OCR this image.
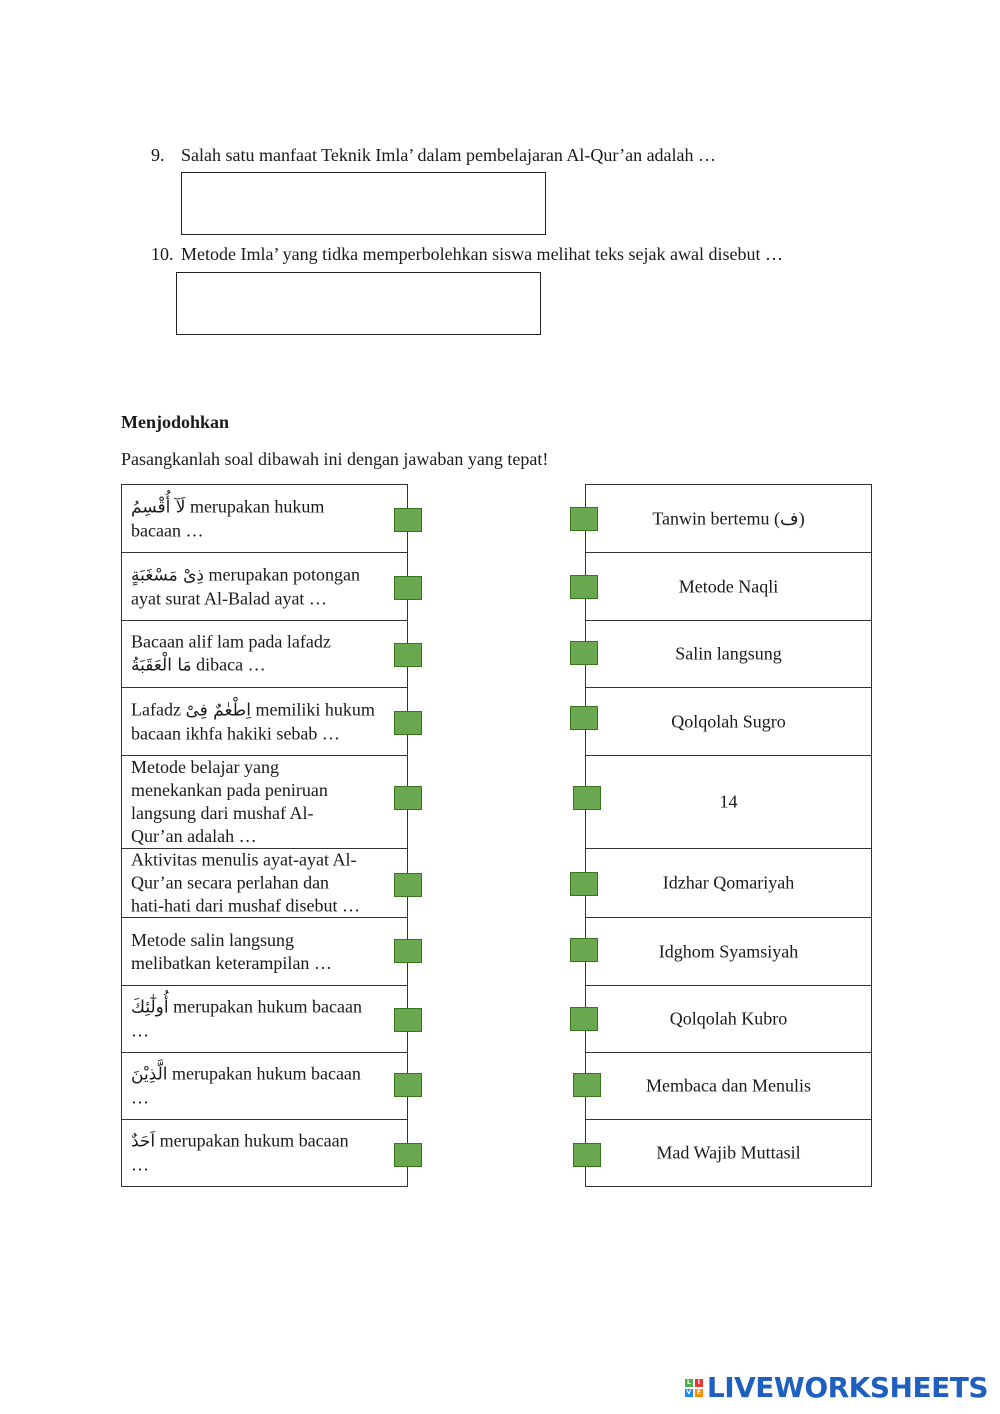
9. Salah satu manfaat Teknik Imla’ dalam pembelajaran Al-Qur’an adalah …
10. Metode Imla’ yang tidka memperbolehkan siswa melihat teks sejak awal disebut …
Menjodohkan
Pasangkanlah soal dibawah ini dengan jawaban yang tepat!
لَآ أُقْسِمُ merupakan hukum
bacaan …
ذِىْ مَسْغَبَةٍ merupakan potongan
ayat surat Al-Balad ayat …
Bacaan alif lam pada lafadz
مَا الْعَقَبَةُ dibaca …
Lafadz اِطْعٰمٌ فِىْ memiliki hukum
bacaan ikhfa hakiki sebab …
Metode belajar yang
menekankan pada peniruan
langsung dari mushaf Al-
Qur’an adalah …
Aktivitas menulis ayat-ayat Al-
Qur’an secara perlahan dan
hati-hati dari mushaf disebut …
Metode salin langsung
melibatkan keterampilan …
أُولٰٓئِكَ merupakan hukum bacaan
…
الَّذِيْنَ merupakan hukum bacaan
…
اَحَدٌ merupakan hukum bacaan
…
Tanwin bertemu (ف)
Metode Naqli
Salin langsung
Qolqolah Sugro
14
Idzhar Qomariyah
Idghom Syamsiyah
Qolqolah Kubro
Membaca dan Menulis
Mad Wajib Muttasil
L	I
V E LIVEWORKSHEETS
